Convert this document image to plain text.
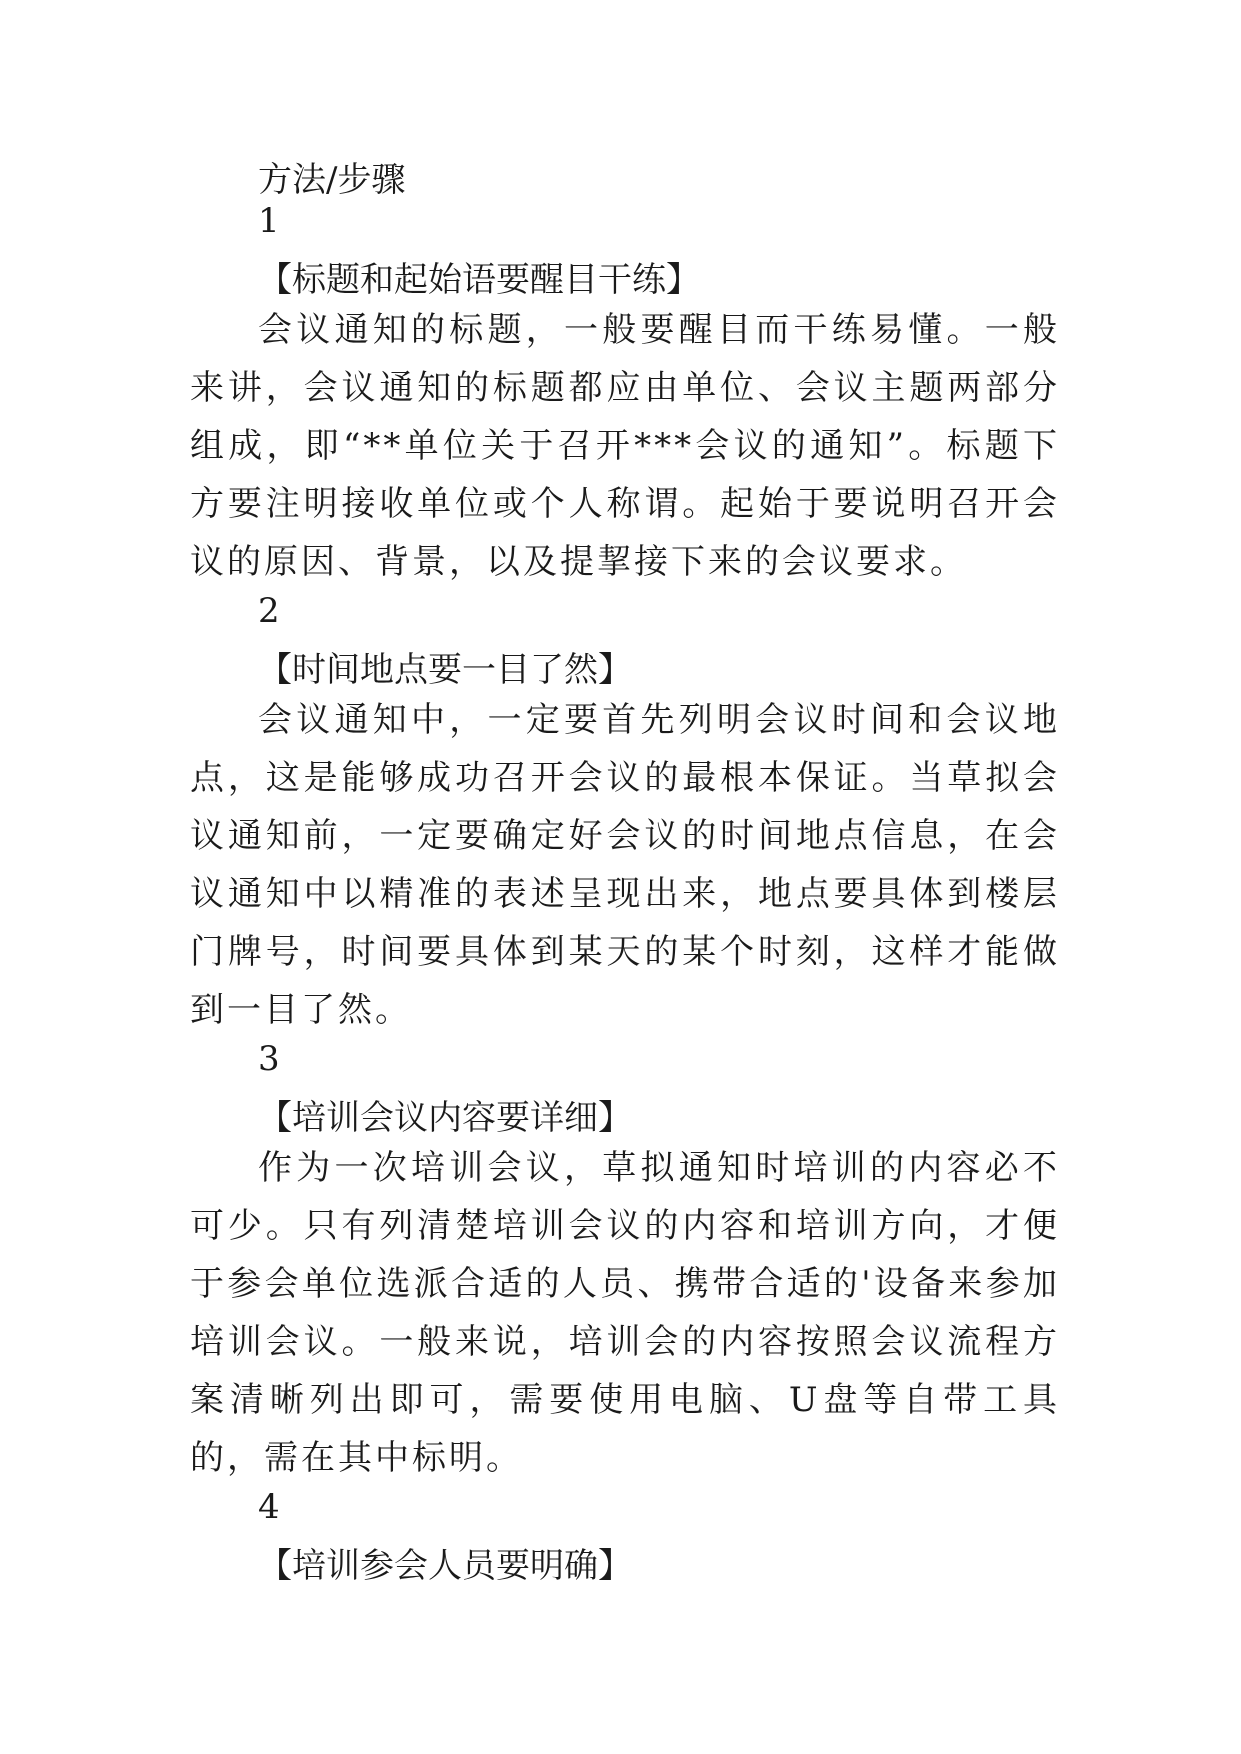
方法/步骤

1

【标题和起始语要醒目干练】

会议通知的标题，一般要醒目而干练易懂。一般来讲，会议通知的标题都应由单位、会议主题两部分组成，即“**单位关于召开***会议的通知”。标题下方要注明接收单位或个人称谓。起始于要说明召开会议的原因、背景，以及提挈接下来的会议要求。

2

【时间地点要一目了然】

会议通知中，一定要首先列明会议时间和会议地点，这是能够成功召开会议的最根本保证。当草拟会议通知前，一定要确定好会议的时间地点信息，在会议通知中以精准的表述呈现出来，地点要具体到楼层门牌号，时间要具体到某天的某个时刻，这样才能做到一目了然。

3

【培训会议内容要详细】

作为一次培训会议，草拟通知时培训的内容必不可少。只有列清楚培训会议的内容和培训方向，才便于参会单位选派合适的人员、携带合适的'设备来参加培训会议。一般来说，培训会的内容按照会议流程方案清晰列出即可，需要使用电脑、U盘等自带工具的，需在其中标明。

4

【培训参会人员要明确】
